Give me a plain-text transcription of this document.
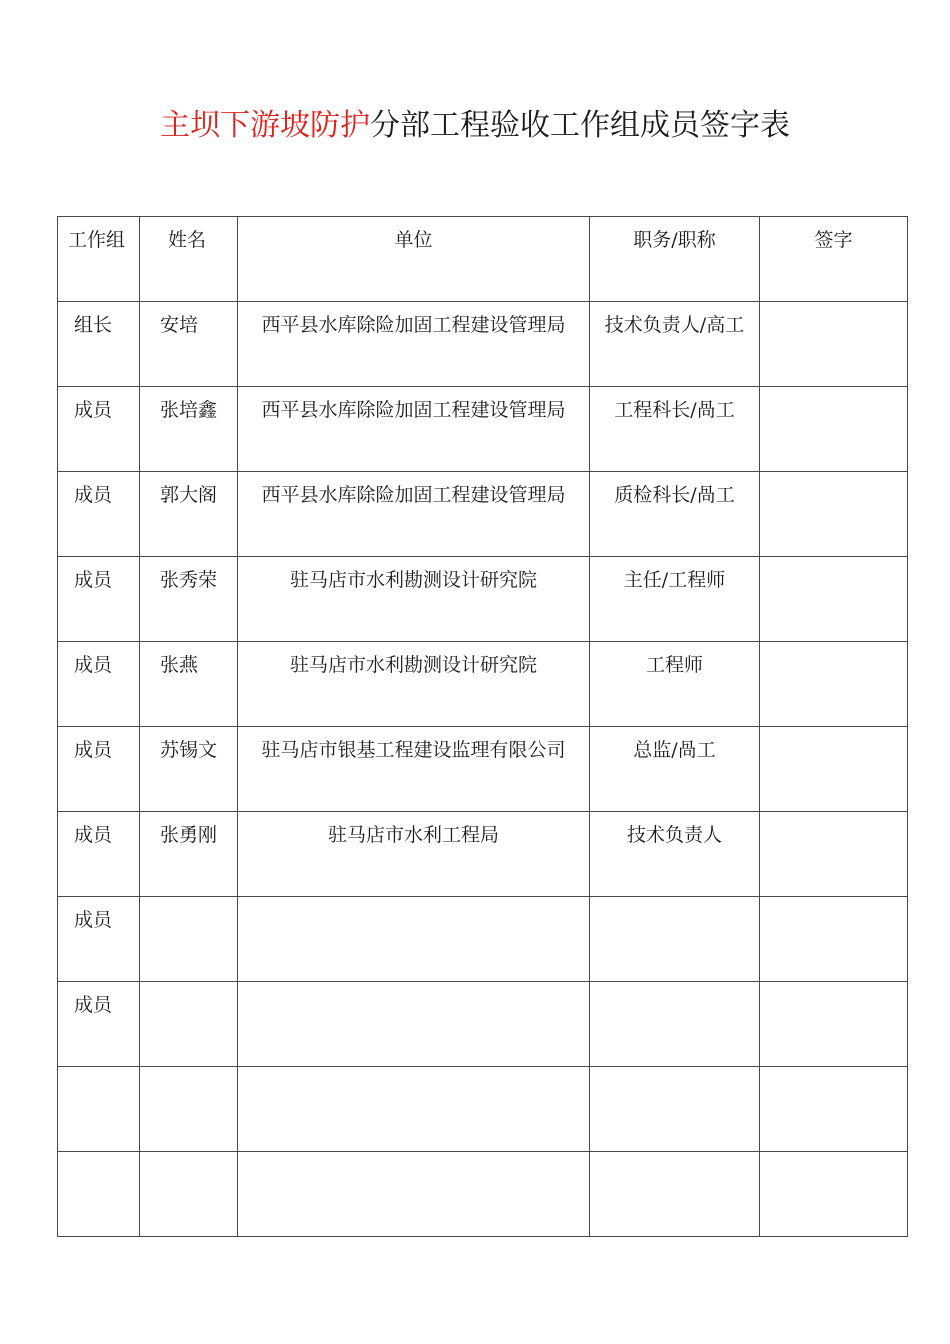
主坝下游坡防护分部工程验收工作组成员签字表
工作组	姓名	单位	职务/职称	签字
组长	安培	西平县水库除险加固工程建设管理局	技术负责人/高工	
成员	张培鑫	西平县水库除险加固工程建设管理局	工程科长/咼工	
成员	郭大阁	西平县水库除险加固工程建设管理局	质检科长/咼工	
成员	张秀荣	驻马店市水利勘测设计研究院	主任/工程师	
成员	张燕	驻马店市水利勘测设计研究院	工程师	
成员	苏锡文	驻马店市银基工程建设监理有限公司	总监/咼工	
成员	张勇刚	驻马店市水利工程局	技术负责人	
成员				
成员				
